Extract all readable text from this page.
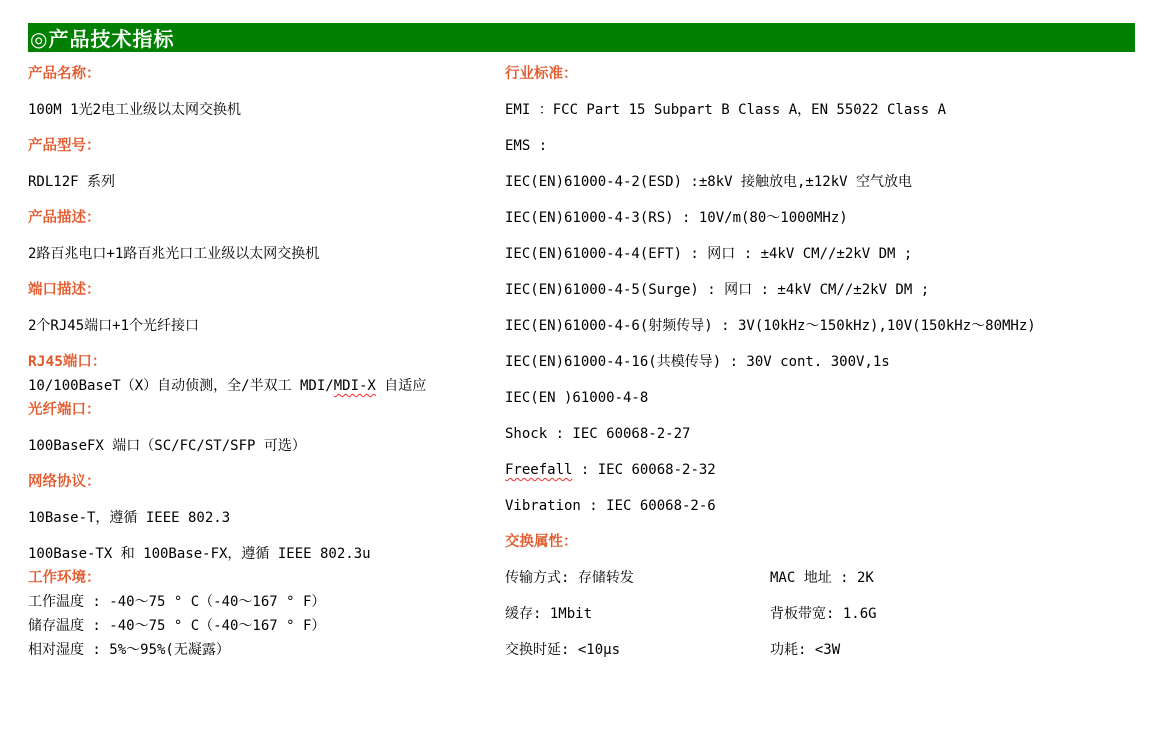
◎产品技术指标
产品名称：

100M 1光2电工业级以太网交换机

产品型号：

RDL12F 系列

产品描述：

2路百兆电口+1路百兆光口工业级以太网交换机

端口描述：

2个RJ45端口+1个光纤接口

RJ45端口：

10/100BaseT（X）自动侦测，全/半双工 MDI/MDI-X 自适应

光纤端口：

100BaseFX 端口（SC/FC/ST/SFP 可选）

网络协议：

10Base-T，遵循 IEEE 802.3

100Base-TX 和 100Base-FX，遵循 IEEE 802.3u

工作环境：

工作温度 : -40～75 ° C（-40～167 ° F）

储存温度 : -40～75 ° C（-40～167 ° F）

相对湿度 : 5%～95%(无凝露）

行业标准：

EMI ：FCC Part 15 Subpart B Class A，EN 55022 Class A

EMS :

IEC(EN)61000-4-2(ESD) :±8kV 接触放电,±12kV 空气放电

IEC(EN)61000-4-3(RS) : 10V/m(80～1000MHz)

IEC(EN)61000-4-4(EFT) : 网口 : ±4kV CM//±2kV DM ;

IEC(EN)61000-4-5(Surge) : 网口 : ±4kV CM//±2kV DM ;

IEC(EN)61000-4-6(射频传导) : 3V(10kHz～150kHz),10V(150kHz～80MHz)

IEC(EN)61000-4-16(共模传导) : 30V cont. 300V,1s

IEC(EN )61000-4-8

Shock : IEC 60068-2-27

Freefall : IEC 60068-2-32

Vibration : IEC 60068-2-6

交换属性：

传输方式: 存储转发	MAC 地址 : 2K

缓存: 1Mbit	背板带宽: 1.6G

交换时延: <10μs	功耗: <3W
